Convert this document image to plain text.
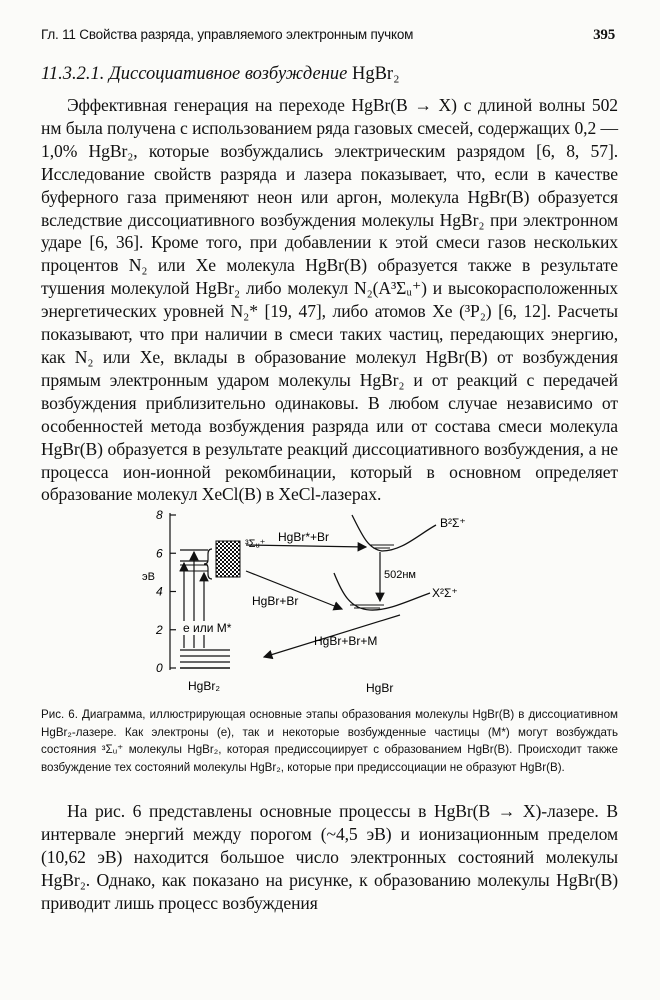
Гл. 11 Свойства разряда, управляемого электронным пучком	395
11.3.2.1. Диссоциативное возбуждение HgBr₂

Эффективная генерация на переходе HgBr(B → X) с длиной волны 502 нм была получена с использованием ряда газовых смесей, содержащих 0,2 — 1,0% HgBr₂, которые возбуждались электрическим разрядом [6, 8, 57]. Исследование свойств разряда и лазера показывает, что, если в качестве буферного газа применяют неон или аргон, молекула HgBr(B) образуется вследствие диссоциативного возбуждения молекулы HgBr₂ при электронном ударе [6, 36]. Кроме того, при добавлении к этой смеси газов нескольких процентов N₂ или Xe молекула HgBr(B) образуется также в результате тушения молекулой HgBr₂ либо молекул N₂(A³Σᵤ⁺) и высокорасположенных энергетических уровней N₂* [19, 47], либо атомов Xe (³P₂) [6, 12]. Расчеты показывают, что при наличии в смеси таких частиц, передающих энергию, как N₂ или Xe, вклады в образование молекул HgBr(B) от возбуждения прямым электронным ударом молекулы HgBr₂ и от реакций с передачей возбуждения приблизительно одинаковы. В любом случае независимо от особенностей метода возбуждения разряда или от состава смеси молекула HgBr(B) образуется в результате реакций диссоциативного возбуждения, а не процесса ион-ионной рекомбинации, который в основном определяет образование молекул XeCl(B) в XeCl-лазерах.

0
2
4
6
8
эВ
e или M*
³Σᵤ⁺ HgBr*+Br
HgBr+Br
B²Σ⁺
X²Σ⁺
502нм
HgBr+Br+M
HgBr₂	HgBr

Рис. 6. Диаграмма, иллюстрирующая основные этапы образования молекулы HgBr(B) в диссоциативном HgBr₂-лазере. Как электроны (e), так и некоторые возбужденные частицы (M*) могут возбуждать состояния ³Σᵤ⁺ молекулы HgBr₂, которая предиссоциирует с образованием HgBr(B). Происходит также возбуждение тех состояний молекулы HgBr₂, которые при предиссоциации не образуют HgBr(B).

На рис. 6 представлены основные процессы в HgBr(B → X)-лазере. В интервале энергий между порогом (~4,5 эВ) и ионизационным пределом (10,62 эВ) находится большое число электронных состояний молекулы HgBr₂. Однако, как показано на рисунке, к образованию молекулы HgBr(B) приводит лишь процесс возбуждения
